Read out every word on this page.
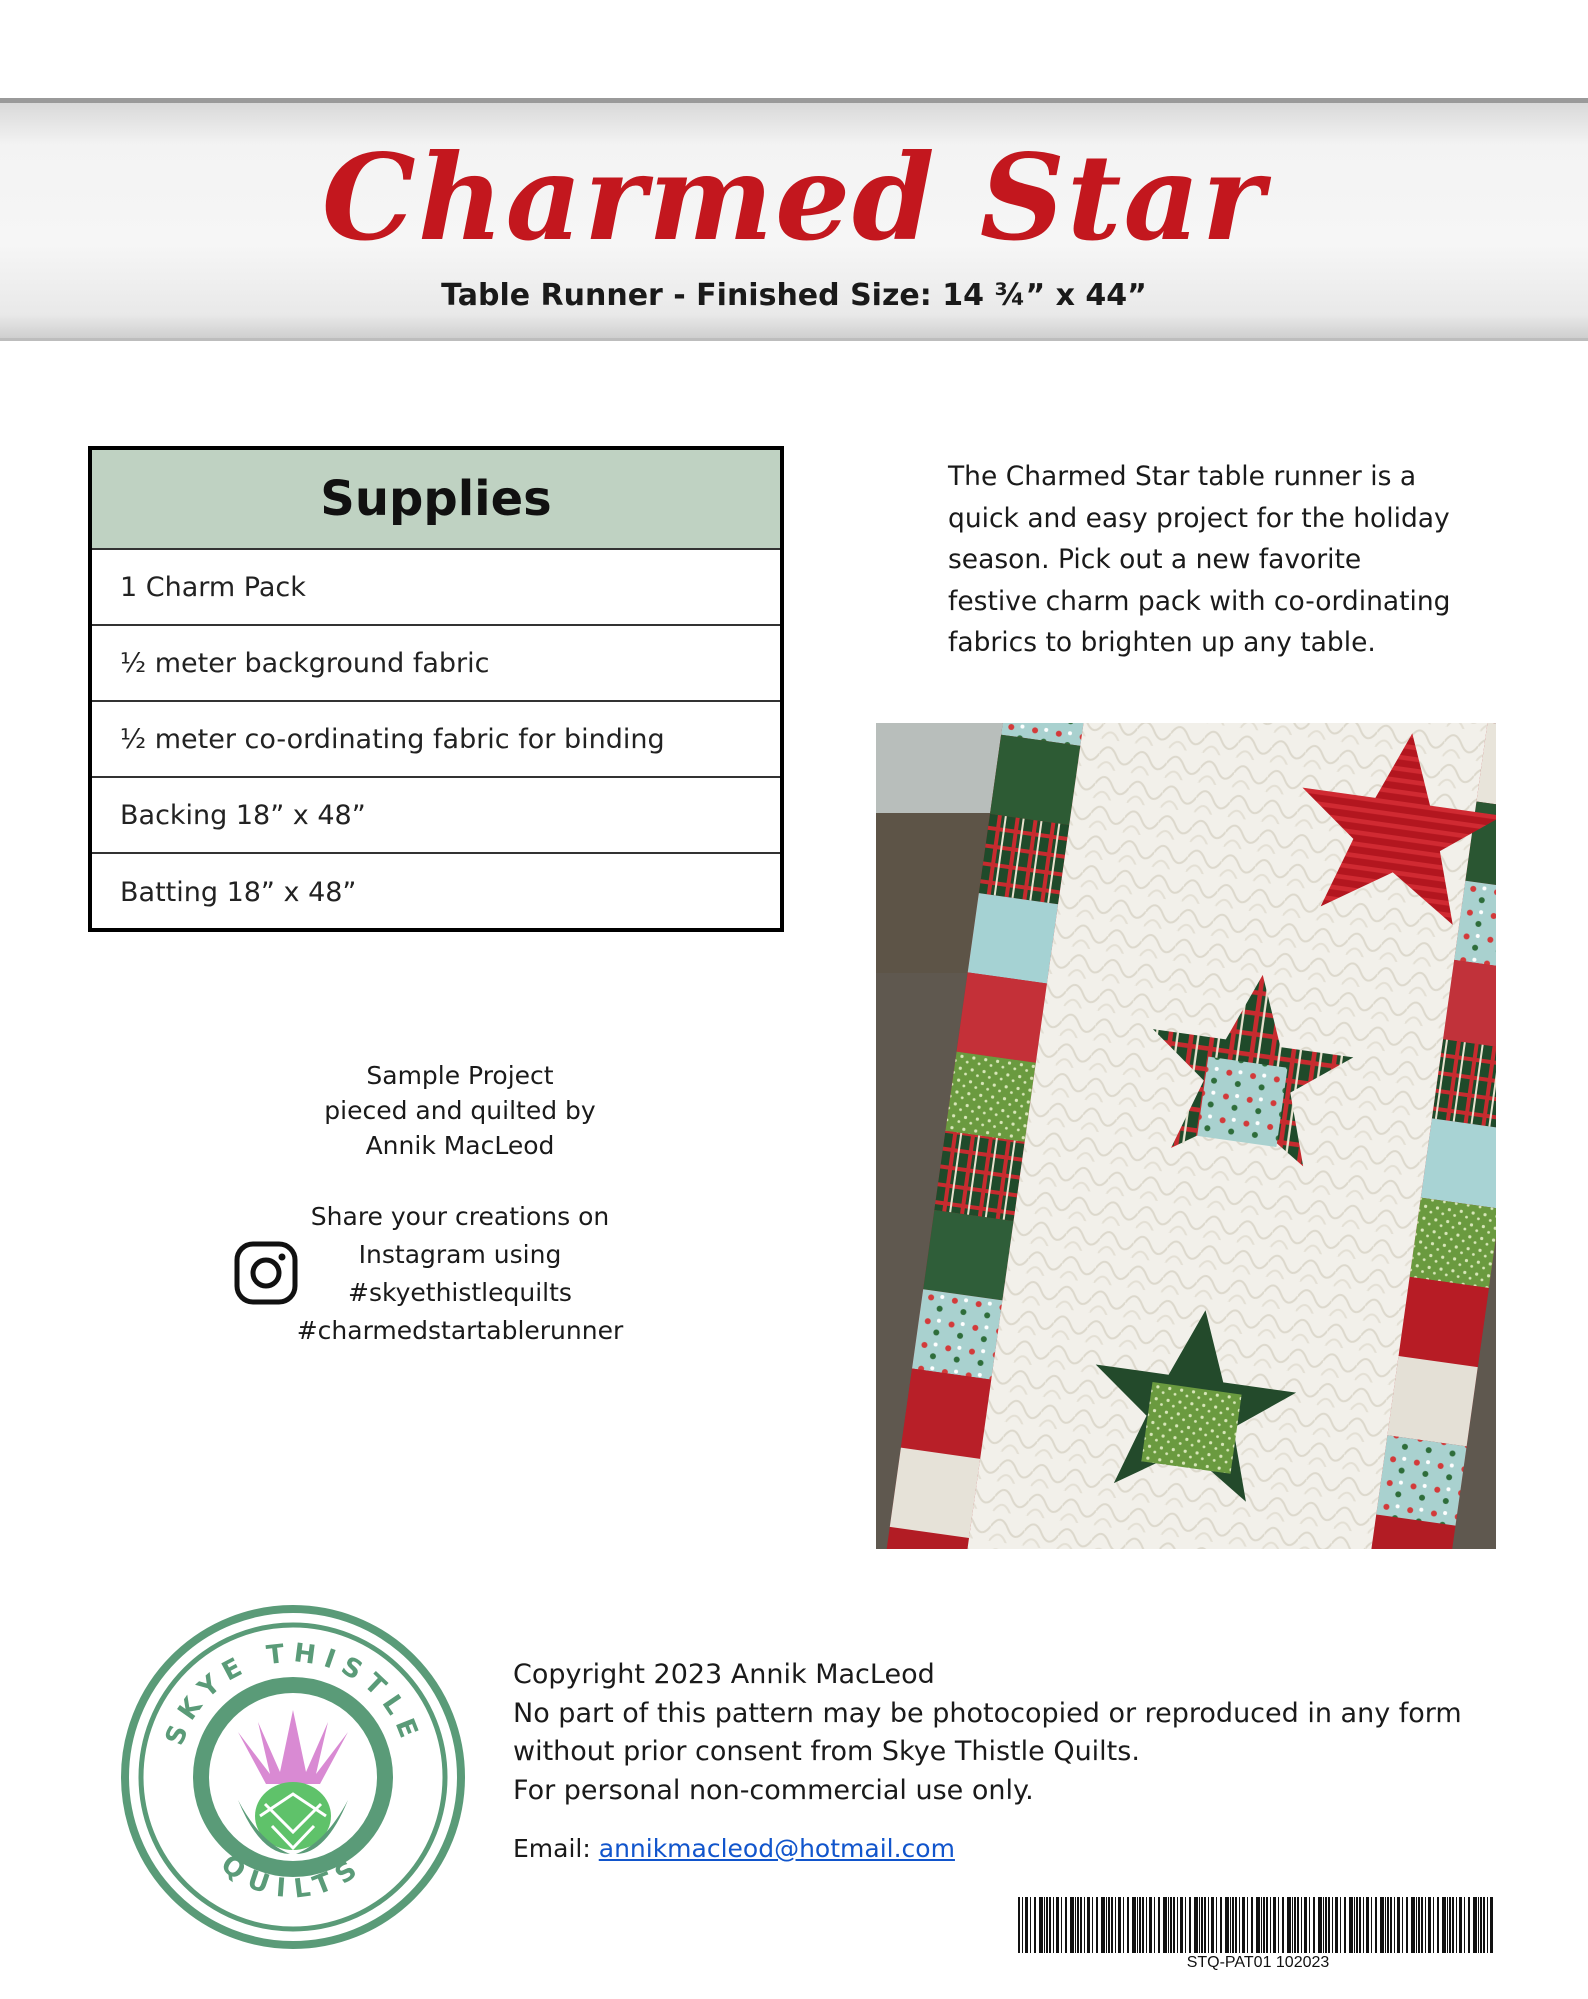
Charmed Star
Table Runner - Finished Size: 14 ¾” x 44”
Supplies
1 Charm Pack
½ meter background fabric
½ meter co-ordinating fabric for binding
Backing 18” x 48”
Batting 18” x 48”
The Charmed Star table runner is a
quick and easy project for the holiday
season. Pick out a new favorite
festive charm pack with co-ordinating
fabrics to brighten up any table.
Sample Project
pieced and quilted by
Annik MacLeod
Share your creations on
Instagram using
#skyethistlequilts
#charmedstartablerunner
SKYE THISTLE
QUILTS
Copyright 2023 Annik MacLeod
No part of this pattern may be photocopied or reproduced in any form
without prior consent from Skye Thistle Quilts.
For personal non-commercial use only.
Email: annikmacleod@hotmail.com
STQ-PAT01 102023
